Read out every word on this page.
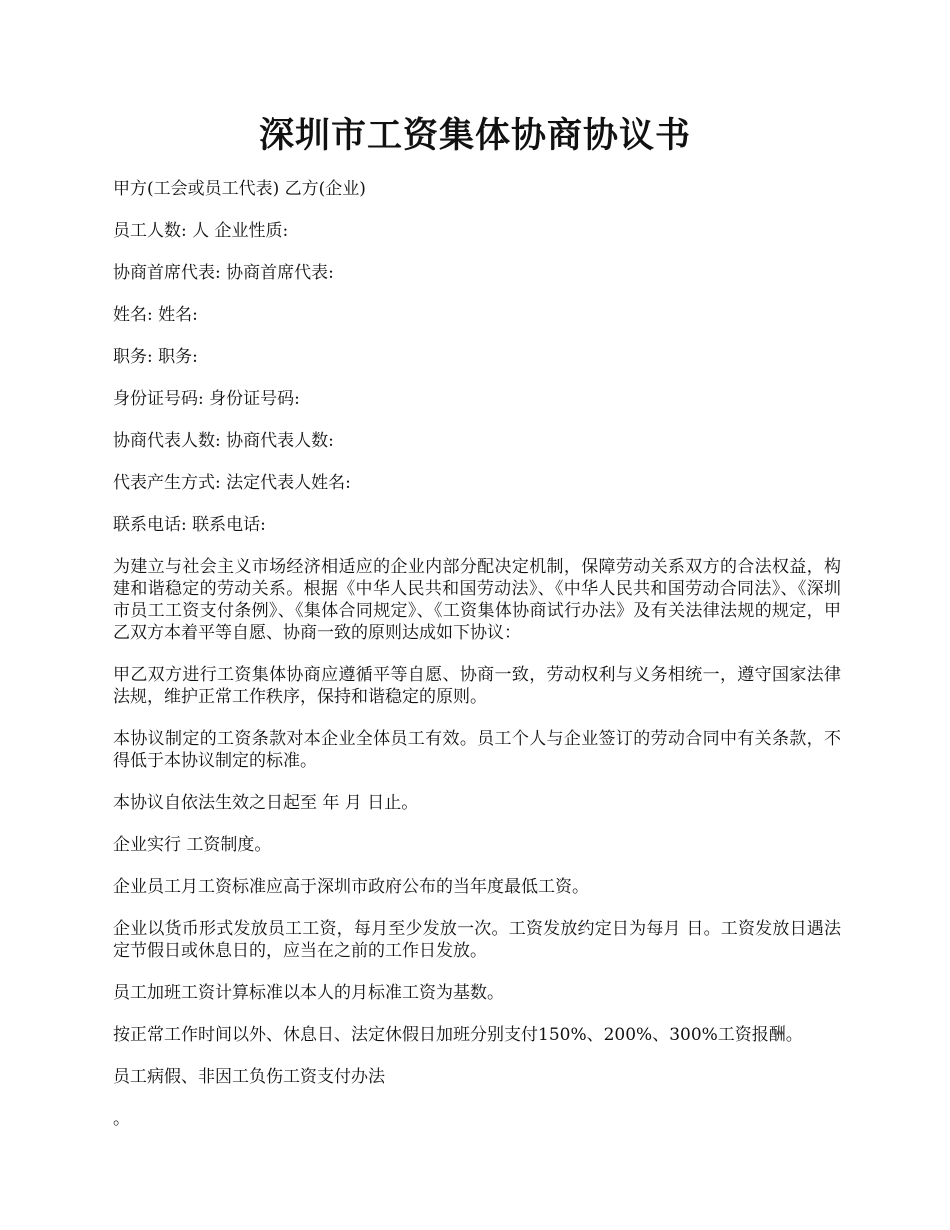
深圳市工资集体协商协议书

甲方(工会或员工代表) 乙方(企业)

员工人数: 人 企业性质:

协商首席代表: 协商首席代表:

姓名: 姓名:

职务: 职务:

身份证号码: 身份证号码:

协商代表人数: 协商代表人数:

代表产生方式: 法定代表人姓名:

联系电话: 联系电话:

为建立与社会主义市场经济相适应的企业内部分配决定机制，保障劳动关系双方的合法权益，构建和谐稳定的劳动关系。根据《中华人民共和国劳动法》、《中华人民共和国劳动合同法》、《深圳市员工工资支付条例》、《集体合同规定》、《工资集体协商试行办法》及有关法律法规的规定，甲乙双方本着平等自愿、协商一致的原则达成如下协议：

甲乙双方进行工资集体协商应遵循平等自愿、协商一致，劳动权利与义务相统一，遵守国家法律法规，维护正常工作秩序，保持和谐稳定的原则。

本协议制定的工资条款对本企业全体员工有效。员工个人与企业签订的劳动合同中有关条款，不得低于本协议制定的标准。

本协议自依法生效之日起至 年 月 日止。

企业实行 工资制度。

企业员工月工资标准应高于深圳市政府公布的当年度最低工资。

企业以货币形式发放员工工资，每月至少发放一次。工资发放约定日为每月 日。工资发放日遇法定节假日或休息日的，应当在之前的工作日发放。

员工加班工资计算标准以本人的月标准工资为基数。

按正常工作时间以外、休息日、法定休假日加班分别支付150%、200%、300%工资报酬。

员工病假、非因工负伤工资支付办法

。
